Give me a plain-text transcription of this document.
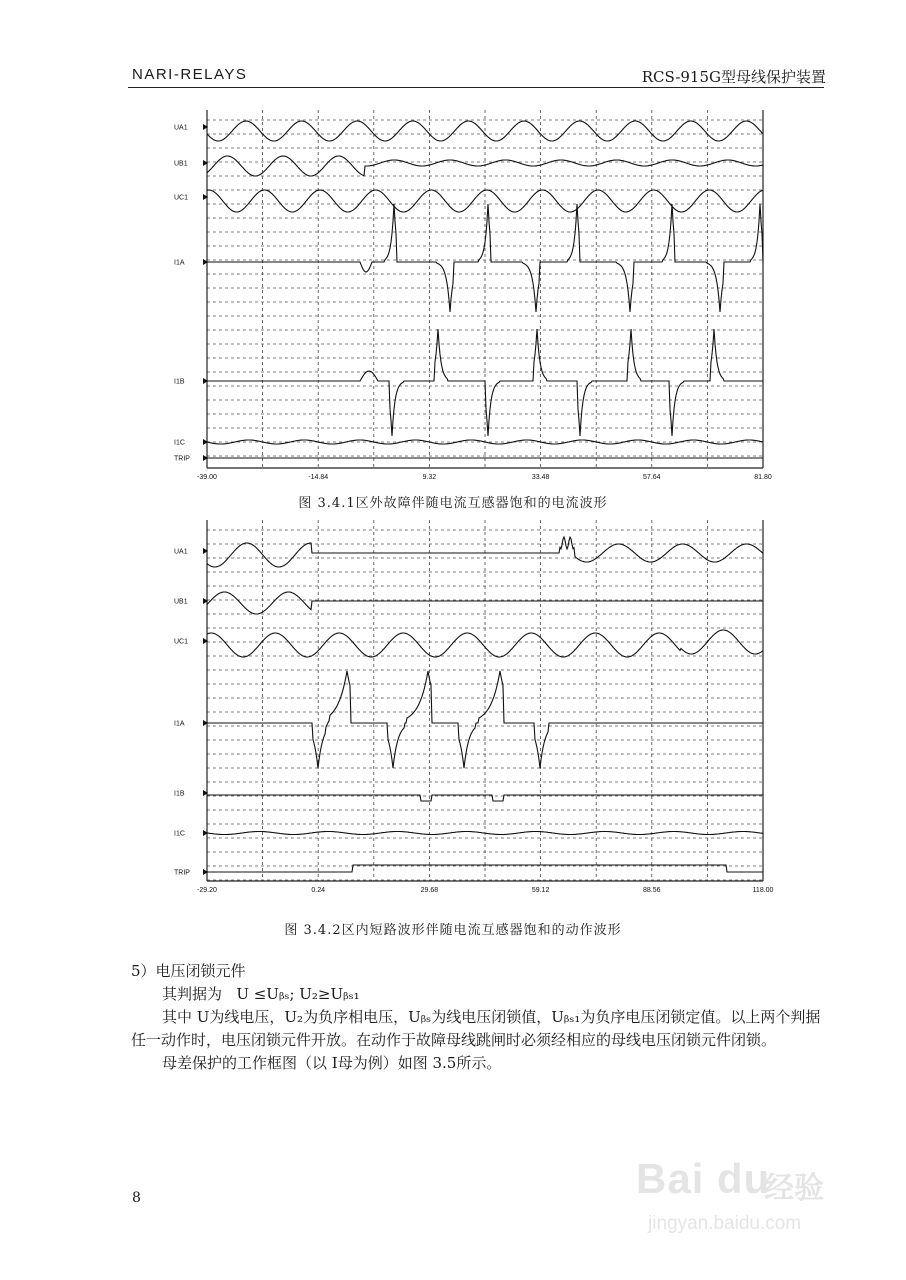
NARI-RELAYS	RCS-915G型母线保护装置
UA1
UB1
UC1
I1A
I1B
I1C
TRIP
-39.00	-14.84	9.32	33.48	57.64	81.80
图 3.4.1区外故障伴随电流互感器饱和的电流波形
UA1
UB1
UC1
I1A
I1B
I1C
TRIP
-29.20	0.24	29.68	59.12	88.56	118.00
图 3.4.2区内短路波形伴随电流互感器饱和的动作波形

5）电压闭锁元件

其判据为 U ≤Uᵦₛ; U₂≥Uᵦₛ₁

其中 U为线电压，U₂为负序相电压，Uᵦₛ为线电压闭锁值，Uᵦₛ₁为负序电压闭锁定值。以上两个判据任一动作时，电压闭锁元件开放。在动作于故障母线跳闸时必须经相应的母线电压闭锁元件闭锁。

母差保护的工作框图（以 I母为例）如图 3.5所示。

8	Bai du
经验
jingyan.baidu.com
